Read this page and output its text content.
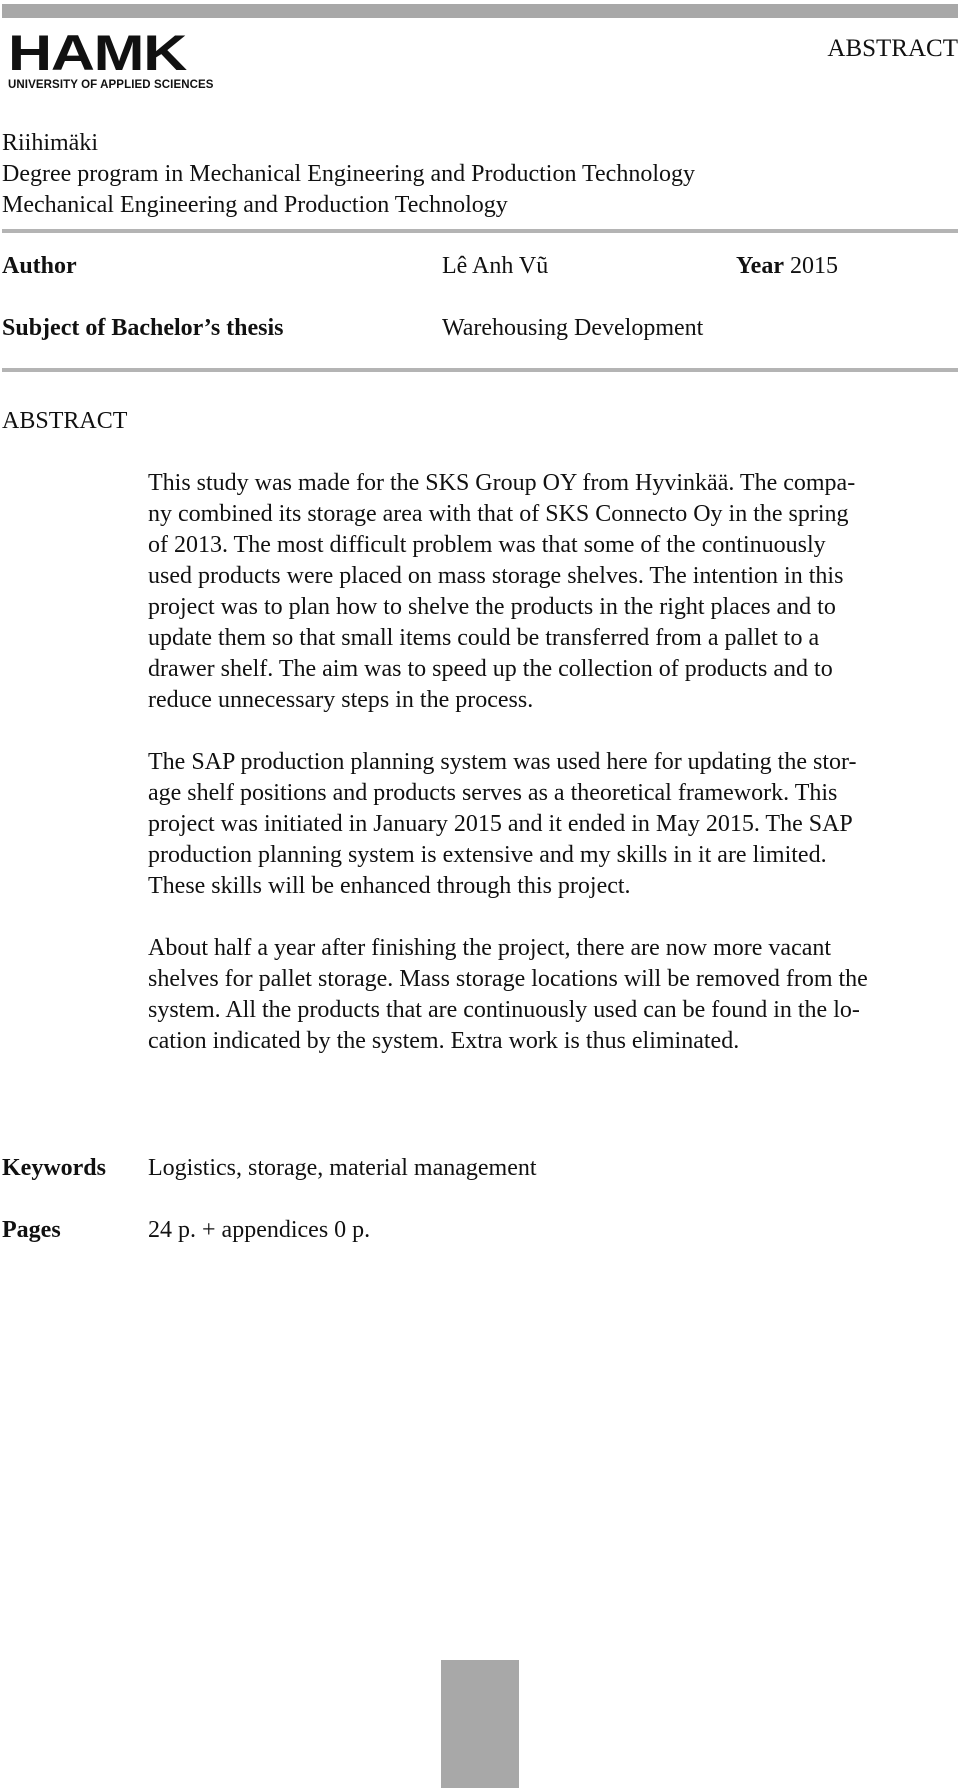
HAMK
UNIVERSITY OF APPLIED SCIENCES
ABSTRACT
Riihimäki
Degree program in Mechanical Engineering and Production Technology
Mechanical Engineering and Production Technology
Author	Lê Anh Vũ	Year 2015
Subject of Bachelor’s thesis	Warehousing Development
ABSTRACT

This study was made for the SKS Group OY from Hyvinkää. The compa-
ny combined its storage area with that of SKS Connecto Oy in the spring
of 2013. The most difficult problem was that some of the continuously
used products were placed on mass storage shelves. The intention in this
project was to plan how to shelve the products in the right places and to
update them so that small items could be transferred from a pallet to a
drawer shelf. The aim was to speed up the collection of products and to
reduce unnecessary steps in the process.

The SAP production planning system was used here for updating the stor-
age shelf positions and products serves as a theoretical framework. This
project was initiated in January 2015 and it ended in May 2015. The SAP
production planning system is extensive and my skills in it are limited.
These skills will be enhanced through this project.

About half a year after finishing the project, there are now more vacant
shelves for pallet storage. Mass storage locations will be removed from the
system. All the products that are continuously used can be found in the lo-
cation indicated by the system. Extra work is thus eliminated.

Keywords Logistics, storage, material management
Pages	24 p. + appendices 0 p.
